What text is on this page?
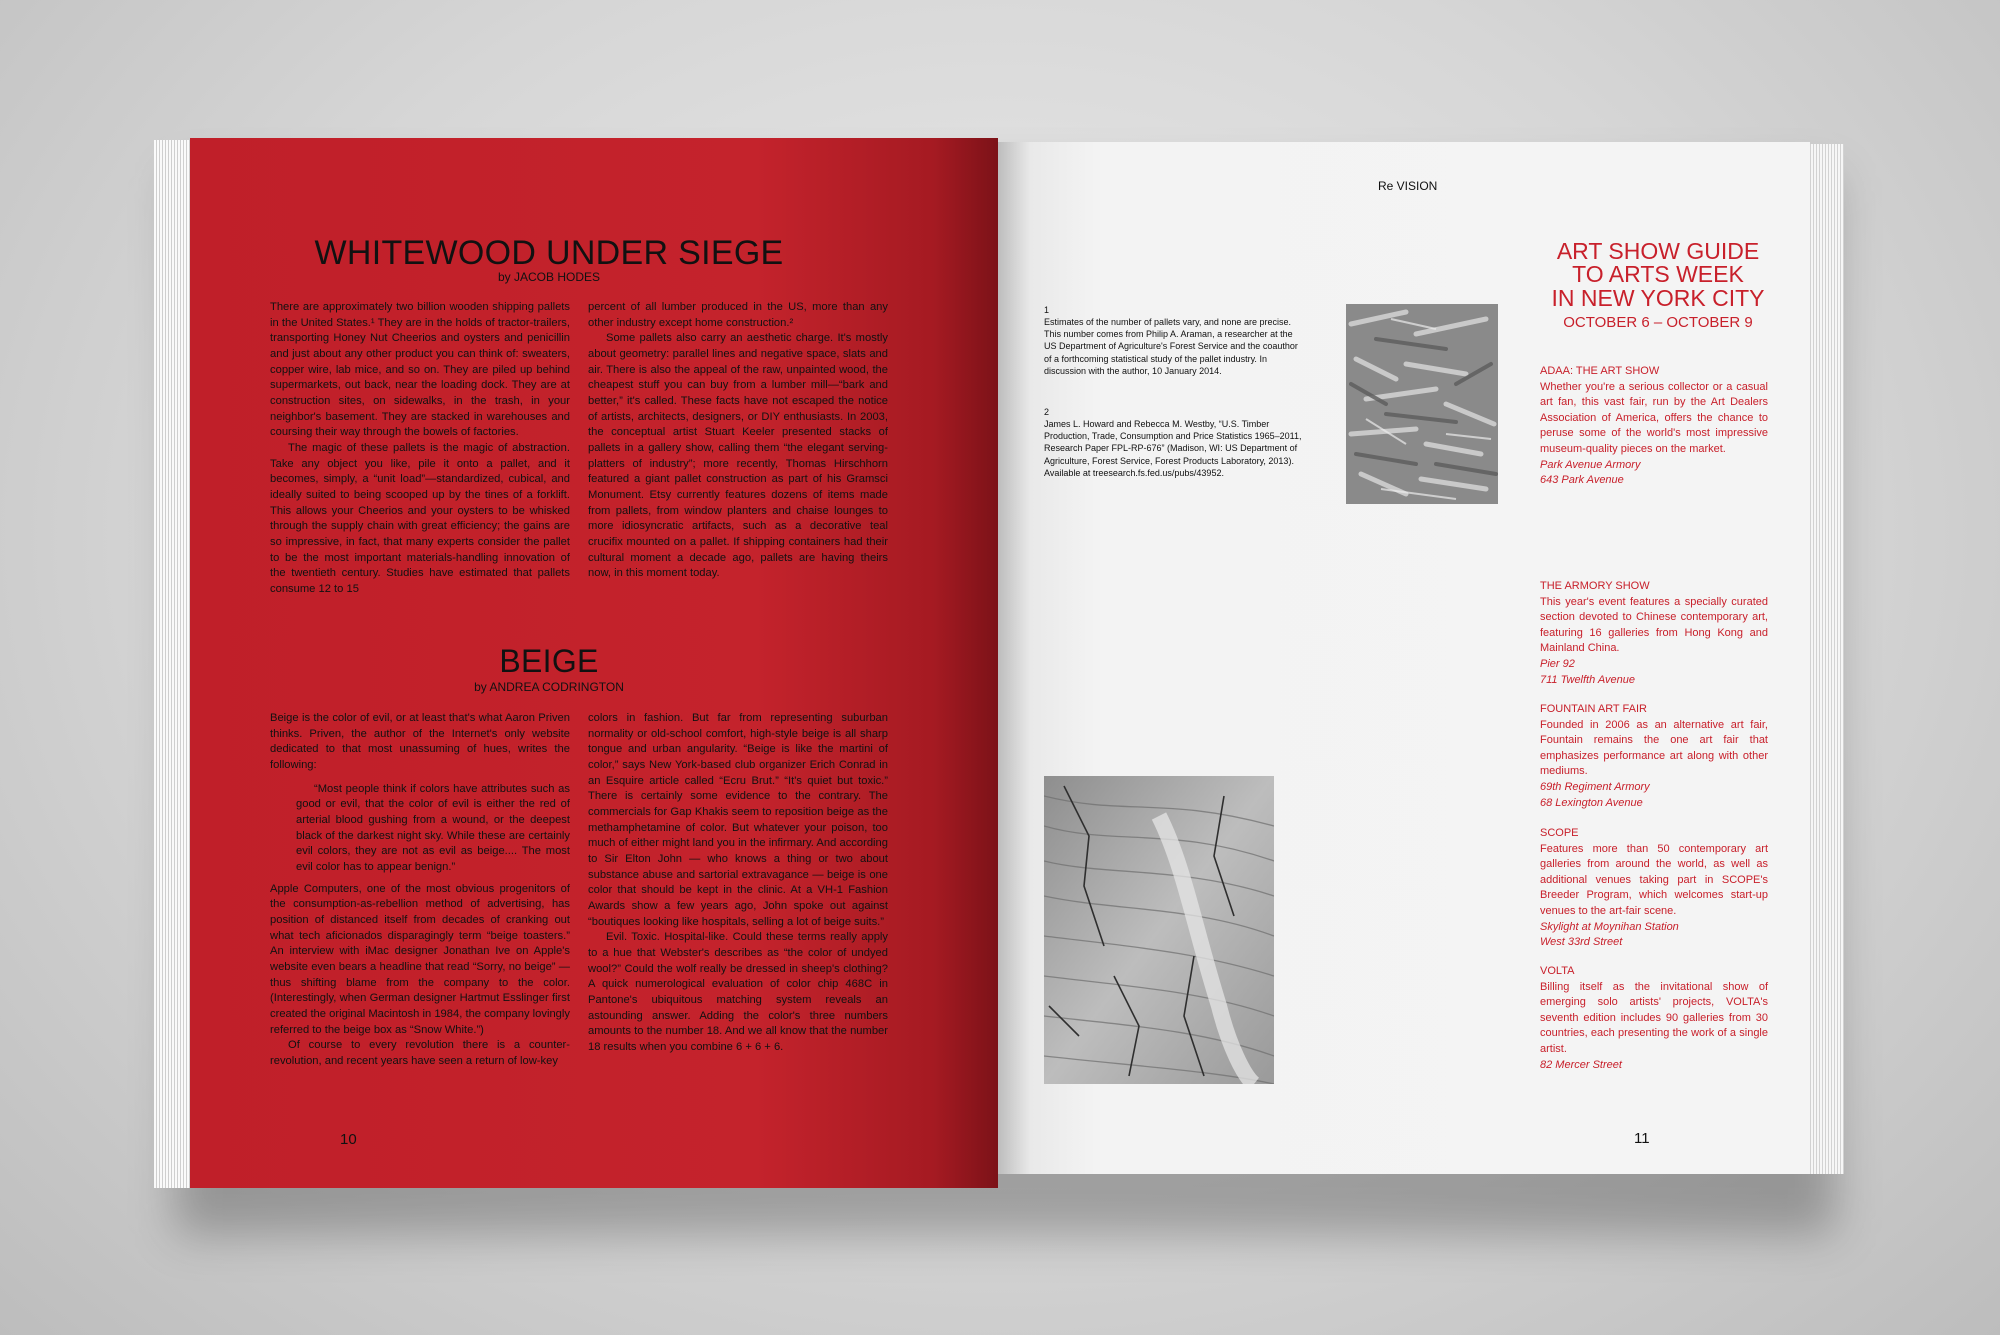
WHITEWOOD UNDER SIEGE
by JACOB HODES

There are approximately two billion wooden shipping pallets in the United States.¹ They are in the holds of tractor-trailers, transporting Honey Nut Cheerios and oysters and penicillin and just about any other product you can think of: sweaters, copper wire, lab mice, and so on. They are piled up behind supermarkets, out back, near the loading dock. They are at construction sites, on sidewalks, in the trash, in your neighbor's basement. They are stacked in warehouses and coursing their way through the bowels of factories.

The magic of these pallets is the magic of abstraction. Take any object you like, pile it onto a pallet, and it becomes, simply, a “unit load”—standardized, cubical, and ideally suited to being scooped up by the tines of a forklift. This allows your Cheerios and your oysters to be whisked through the supply chain with great efficiency; the gains are so impressive, in fact, that many experts consider the pallet to be the most important materials-handling innovation of the twentieth century. Studies have estimated that pallets consume 12 to 15

percent of all lumber produced in the US, more than any other industry except home construction.²

Some pallets also carry an aesthetic charge. It's mostly about geometry: parallel lines and negative space, slats and air. There is also the appeal of the raw, unpainted wood, the cheapest stuff you can buy from a lumber mill—“bark and better,” it's called. These facts have not escaped the notice of artists, architects, designers, or DIY enthusiasts. In 2003, the conceptual artist Stuart Keeler presented stacks of pallets in a gallery show, calling them “the elegant serving-platters of industry”; more recently, Thomas Hirschhorn featured a giant pallet construction as part of his Gramsci Monument. Etsy currently features dozens of items made from pallets, from window planters and chaise lounges to more idiosyncratic artifacts, such as a decorative teal crucifix mounted on a pallet. If shipping containers had their cultural moment a decade ago, pallets are having theirs now, in this moment today.

BEIGE
by ANDREA CODRINGTON

Beige is the color of evil, or at least that's what Aaron Priven thinks. Priven, the author of the Internet's only website dedicated to that most unassuming of hues, writes the following:

“Most people think if colors have attributes such as good or evil, that the color of evil is either the red of arterial blood gushing from a wound, or the deepest black of the darkest night sky. While these are certainly evil colors, they are not as evil as beige.... The most evil color has to appear benign.”

Apple Computers, one of the most obvious progenitors of the consumption-as-rebellion method of advertising, has position of distanced itself from decades of cranking out what tech aficionados disparagingly term “beige toasters.” An interview with iMac designer Jonathan Ive on Apple's website even bears a headline that read “Sorry, no beige” — thus shifting blame from the company to the color. (Interestingly, when German designer Hartmut Esslinger first created the original Macintosh in 1984, the company lovingly referred to the beige box as “Snow White.”)

Of course to every revolution there is a counter-revolution, and recent years have seen a return of low-key

colors in fashion. But far from representing suburban normality or old-school comfort, high-style beige is all sharp tongue and urban angularity. “Beige is like the martini of color,” says New York-based club organizer Erich Conrad in an Esquire article called “Ecru Brut.” “It's quiet but toxic.” There is certainly some evidence to the contrary. The commercials for Gap Khakis seem to reposition beige as the methamphetamine of color. But whatever your poison, too much of either might land you in the infirmary. And according to Sir Elton John — who knows a thing or two about substance abuse and sartorial extravagance — beige is one color that should be kept in the clinic. At a VH-1 Fashion Awards show a few years ago, John spoke out against “boutiques looking like hospitals, selling a lot of beige suits.”

Evil. Toxic. Hospital-like. Could these terms really apply to a hue that Webster's describes as “the color of undyed wool?” Could the wolf really be dressed in sheep's clothing? A quick numerological evaluation of color chip 468C in Pantone's ubiquitous matching system reveals an astounding answer. Adding the color's three numbers amounts to the number 18. And we all know that the number 18 results when you combine 6 + 6 + 6.

10
Re VISION

1

Estimates of the number of pallets vary, and none are precise. This number comes from Philip A. Araman, a researcher at the US Department of Agriculture's Forest Service and the coauthor of a forthcoming statistical study of the pallet industry. In discussion with the author, 10 January 2014.

2

James L. Howard and Rebecca M. Westby, “U.S. Timber Production, Trade, Consumption and Price Statistics 1965–2011, Research Paper FPL-RP-676” (Madison, WI: US Department of Agriculture, Forest Service, Forest Products Laboratory, 2013). Available at treesearch.fs.fed.us/pubs/43952.

ART SHOW GUIDE
TO ARTS WEEK
IN NEW YORK CITY
OCTOBER 6 – OCTOBER 9
ADAA: THE ART SHOW
Whether you're a serious collector or a casual art fan, this vast fair, run by the Art Dealers Association of America, offers the chance to peruse some of the world's most impressive museum-quality pieces on the market.
Park Avenue Armory
643 Park Avenue
THE ARMORY SHOW
This year's event features a specially curated section devoted to Chinese contemporary art, featuring 16 galleries from Hong Kong and Mainland China.
Pier 92
711 Twelfth Avenue
FOUNTAIN ART FAIR
Founded in 2006 as an alternative art fair, Fountain remains the one art fair that emphasizes performance art along with other mediums.
69th Regiment Armory
68 Lexington Avenue
SCOPE
Features more than 50 contemporary art galleries from around the world, as well as additional venues taking part in SCOPE's Breeder Program, which welcomes start-up venues to the art-fair scene.
Skylight at Moynihan Station
West 33rd Street
VOLTA
Billing itself as the invitational show of emerging solo artists' projects, VOLTA's seventh edition includes 90 galleries from 30 countries, each presenting the work of a single artist.
82 Mercer Street
11
